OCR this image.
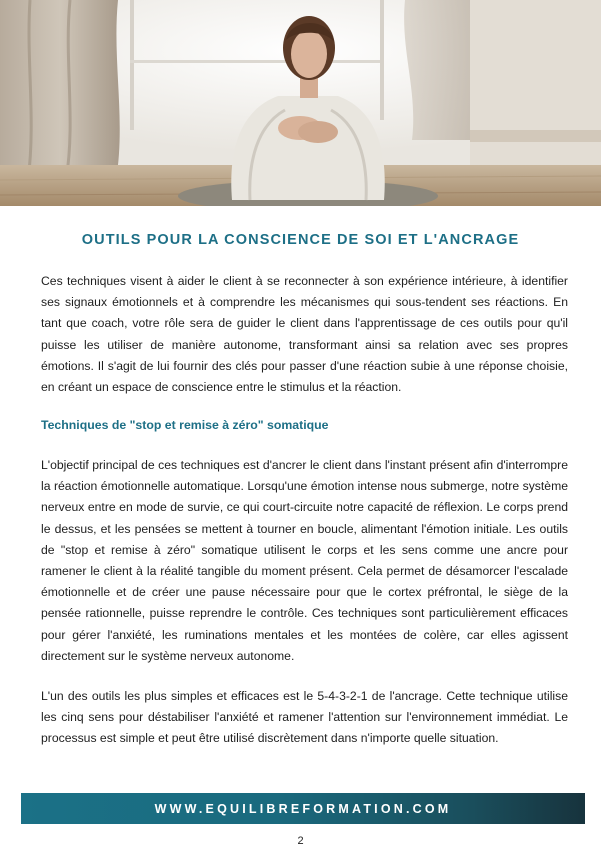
OUTILS POUR LA CONSCIENCE DE SOI ET L'ANCRAGE

Ces techniques visent à aider le client à se reconnecter à son expérience intérieure, à identifier ses signaux émotionnels et à comprendre les mécanismes qui sous-tendent ses réactions. En tant que coach, votre rôle sera de guider le client dans l'apprentissage de ces outils pour qu'il puisse les utiliser de manière autonome, transformant ainsi sa relation avec ses propres émotions. Il s'agit de lui fournir des clés pour passer d'une réaction subie à une réponse choisie, en créant un espace de conscience entre le stimulus et la réaction.

Techniques de "stop et remise à zéro" somatique

L'objectif principal de ces techniques est d'ancrer le client dans l'instant présent afin d'interrompre la réaction émotionnelle automatique. Lorsqu'une émotion intense nous submerge, notre système nerveux entre en mode de survie, ce qui court-circuite notre capacité de réflexion. Le corps prend le dessus, et les pensées se mettent à tourner en boucle, alimentant l'émotion initiale. Les outils de "stop et remise à zéro" somatique utilisent le corps et les sens comme une ancre pour ramener le client à la réalité tangible du moment présent. Cela permet de désamorcer l'escalade émotionnelle et de créer une pause nécessaire pour que le cortex préfrontal, le siège de la pensée rationnelle, puisse reprendre le contrôle. Ces techniques sont particulièrement efficaces pour gérer l'anxiété, les ruminations mentales et les montées de colère, car elles agissent directement sur le système nerveux autonome.

L'un des outils les plus simples et efficaces est le 5-4-3-2-1 de l'ancrage. Cette technique utilise les cinq sens pour déstabiliser l'anxiété et ramener l'attention sur l'environnement immédiat. Le processus est simple et peut être utilisé discrètement dans n'importe quelle situation.

WWW.EQUILIBREFORMATION.COM
2
